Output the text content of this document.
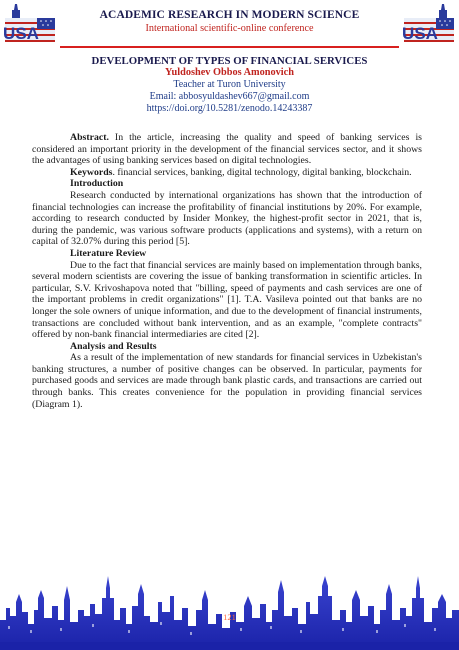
USA	USA
ACADEMIC RESEARCH IN MODERN SCIENCE
International scientific-online conference
DEVELOPMENT OF TYPES OF FINANCIAL SERVICES
Yuldoshev Obbos Amonovich
Teacher at Turon University
Email: abbosyuldashev667@gmail.com
https://doi.org/10.5281/zenodo.14243387

Abstract. In the article, increasing the quality and speed of banking services is considered an important priority in the development of the financial services sector, and it shows the advantages of using banking services based on digital technologies.

Keywords. financial services, banking, digital technology, digital banking, blockchain.

Introduction

Research conducted by international organizations has shown that the introduction of financial technologies can increase the profitability of financial institutions by 20%. For example, according to research conducted by Insider Monkey, the highest-profit sector in 2021, that is, during the pandemic, was various software products (applications and systems), with a return on capital of 32.07% during this period [5].

Literature Review

Due to the fact that financial services are mainly based on implementation through banks, several modern scientists are covering the issue of banking transformation in scientific articles. In particular, S.V. Krivoshapova noted that "billing, speed of payments and cash services are one of the important problems in credit organizations" [1]. T.A. Vasileva pointed out that banks are no longer the sole owners of unique information, and due to the development of financial instruments, transactions are concluded without bank intervention, and as an example, "complete contracts" offered by non-bank financial intermediaries are cited [2].

Analysis and Results

As a result of the implementation of new standards for financial services in Uzbekistan's banking structures, a number of positive changes can be observed. In particular, payments for purchased goods and services are made through bank plastic cards, and transactions are carried out through banks. This creates convenience for the population in providing financial services (Diagram 1).

121
